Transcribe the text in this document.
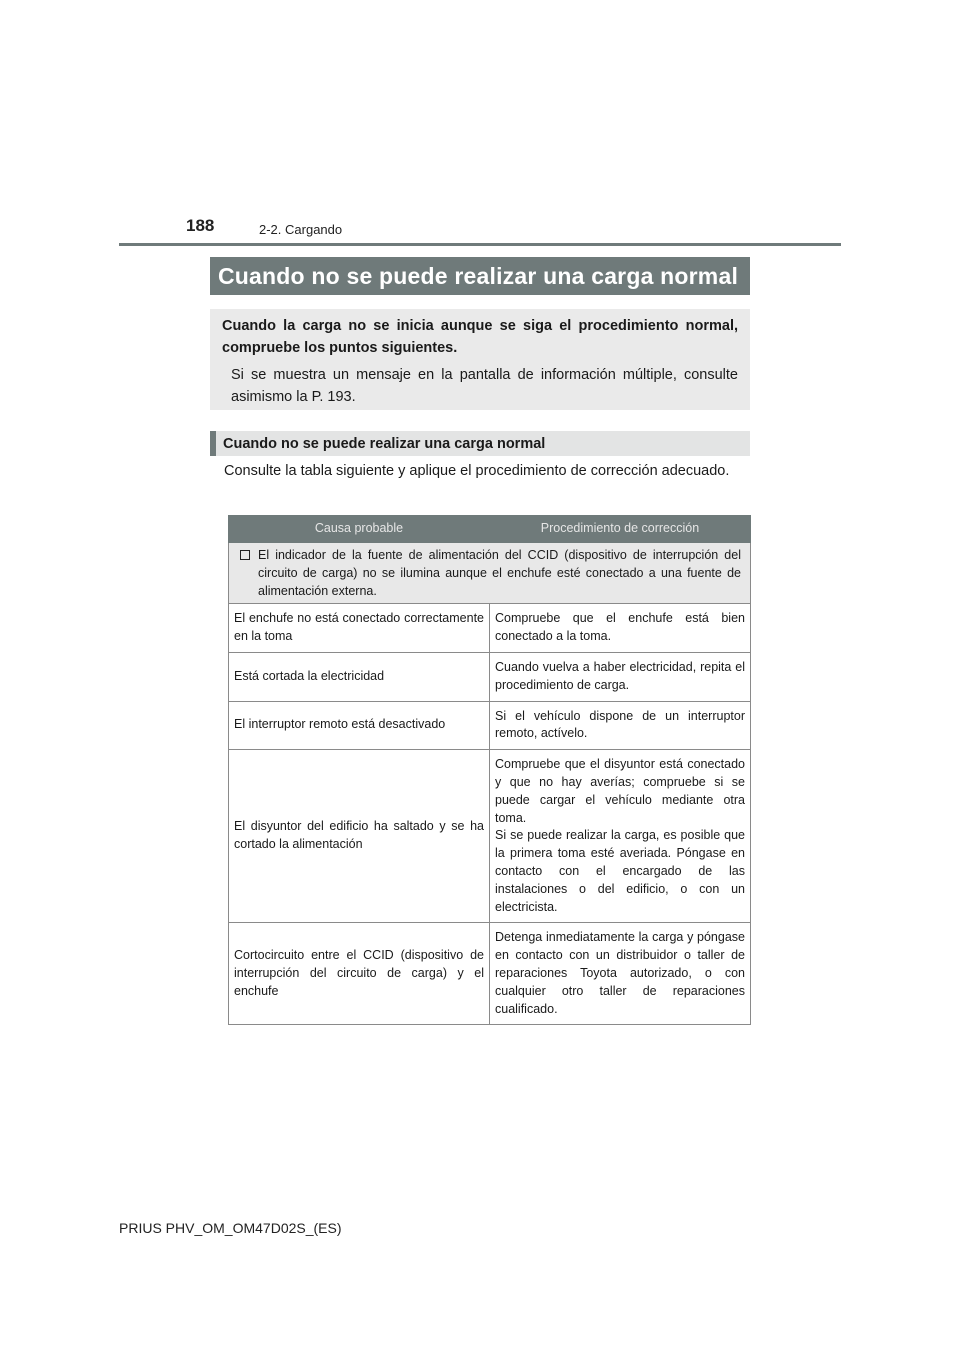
188	2-2. Cargando
Cuando no se puede realizar una carga normal

Cuando la carga no se inicia aunque se siga el procedimiento normal, compruebe los puntos siguientes.

Si se muestra un mensaje en la pantalla de información múltiple, consulte asimismo la P. 193.

Cuando no se puede realizar una carga normal

Consulte la tabla siguiente y aplique el procedimiento de corrección adecuado.

Causa probable	Procedimiento de corrección

El indicador de la fuente de alimentación del CCID (dispositivo de interrupción del circuito de carga) no se ilumina aunque el enchufe esté conectado a una fuente de alimentación externa.	

El enchufe no está conectado correctamente en la toma	Compruebe que el enchufe está bien conectado a la toma.
Está cortada la electricidad	Cuando vuelva a haber electricidad, repita el procedimiento de carga.
El interruptor remoto está desactivado	Si el vehículo dispone de un interruptor remoto, actívelo.
El disyuntor del edificio ha saltado y se ha cortado la alimentación	Compruebe que el disyuntor está conectado y que no hay averías; compruebe si se puede cargar el vehículo mediante otra toma.
Si se puede realizar la carga, es posible que la primera toma esté averiada. Póngase en contacto con el encargado de las instalaciones o del edificio, o con un electricista.

Cortocircuito entre el CCID (dispositivo de interrupción del circuito de carga) y el enchufe	Detenga inmediatamente la carga y póngase en contacto con un distribuidor o taller de reparaciones Toyota autorizado, o con cualquier otro taller de reparaciones cualificado.
PRIUS PHV_OM_OM47D02S_(ES)
